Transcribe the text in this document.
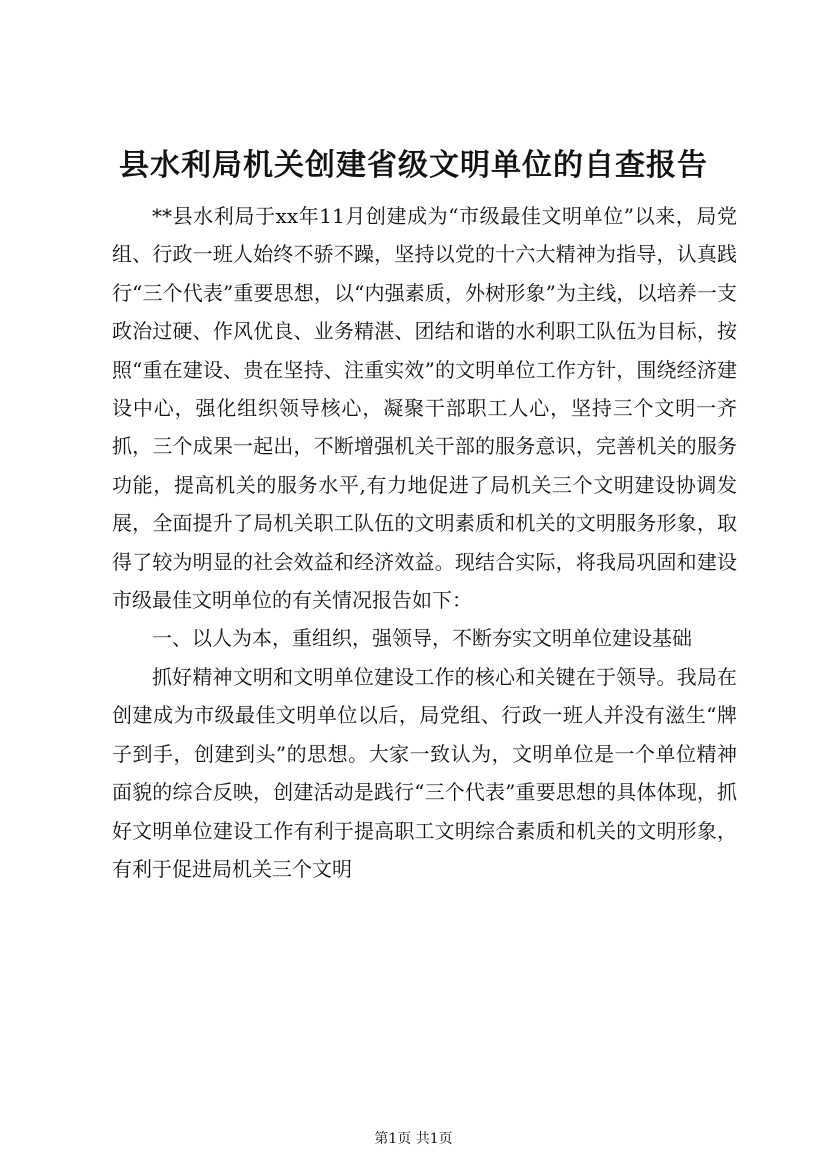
县水利局机关创建省级文明单位的自查报告

**县水利局于xx年11月创建成为“市级最佳文明单位”以来，局党组、行政一班人始终不骄不躁，坚持以党的十六大精神为指导，认真践行“三个代表”重要思想，以“内强素质，外树形象”为主线，以培养一支政治过硬、作风优良、业务精湛、团结和谐的水利职工队伍为目标，按照“重在建设、贵在坚持、注重实效”的文明单位工作方针，围绕经济建设中心，强化组织领导核心，凝聚干部职工人心，坚持三个文明一齐抓，三个成果一起出，不断增强机关干部的服务意识，完善机关的服务功能，提高机关的服务水平,有力地促进了局机关三个文明建设协调发展，全面提升了局机关职工队伍的文明素质和机关的文明服务形象，取得了较为明显的社会效益和经济效益。现结合实际，将我局巩固和建设市级最佳文明单位的有关情况报告如下：

一、以人为本，重组织，强领导，不断夯实文明单位建设基础

抓好精神文明和文明单位建设工作的核心和关键在于领导。我局在创建成为市级最佳文明单位以后，局党组、行政一班人并没有滋生“牌子到手，创建到头”的思想。大家一致认为，文明单位是一个单位精神面貌的综合反映，创建活动是践行“三个代表”重要思想的具体体现，抓好文明单位建设工作有利于提高职工文明综合素质和机关的文明形象，有利于促进局机关三个文明

第1页 共1页
